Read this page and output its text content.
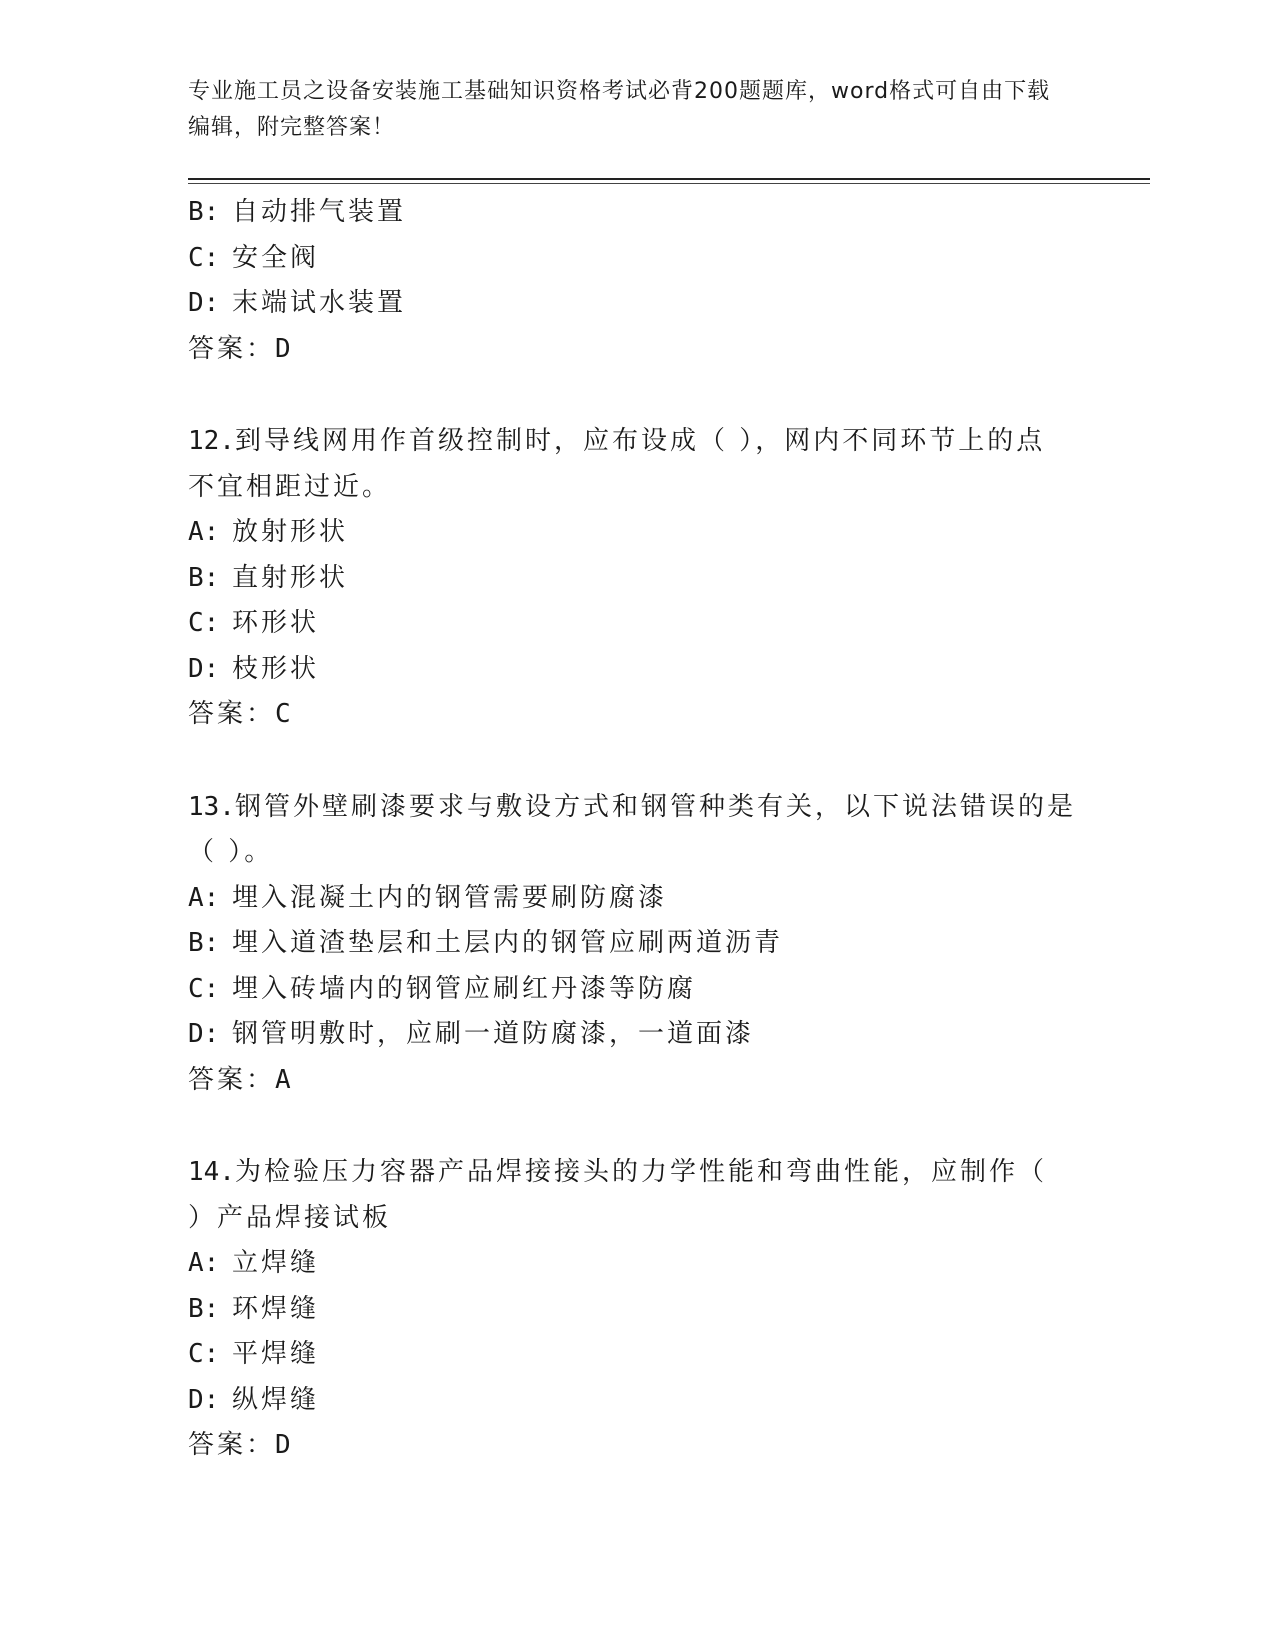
专业施工员之设备安装施工基础知识资格考试必背200题题库，word格式可自由下载编辑，附完整答案！
B: 自动排气装置
C: 安全阀
D: 末端试水装置
答案：D
12.到导线网用作首级控制时，应布设成（ ），网内不同环节上的点
不宜相距过近。
A: 放射形状
B: 直射形状
C: 环形状
D: 枝形状
答案：C
13.钢管外壁刷漆要求与敷设方式和钢管种类有关，以下说法错误的是
（ ）。
A: 埋入混凝土内的钢管需要刷防腐漆
B: 埋入道渣垫层和土层内的钢管应刷两道沥青
C: 埋入砖墙内的钢管应刷红丹漆等防腐
D: 钢管明敷时，应刷一道防腐漆，一道面漆
答案：A
14.为检验压力容器产品焊接接头的力学性能和弯曲性能，应制作（
）产品焊接试板
A: 立焊缝
B: 环焊缝
C: 平焊缝
D: 纵焊缝
答案：D
